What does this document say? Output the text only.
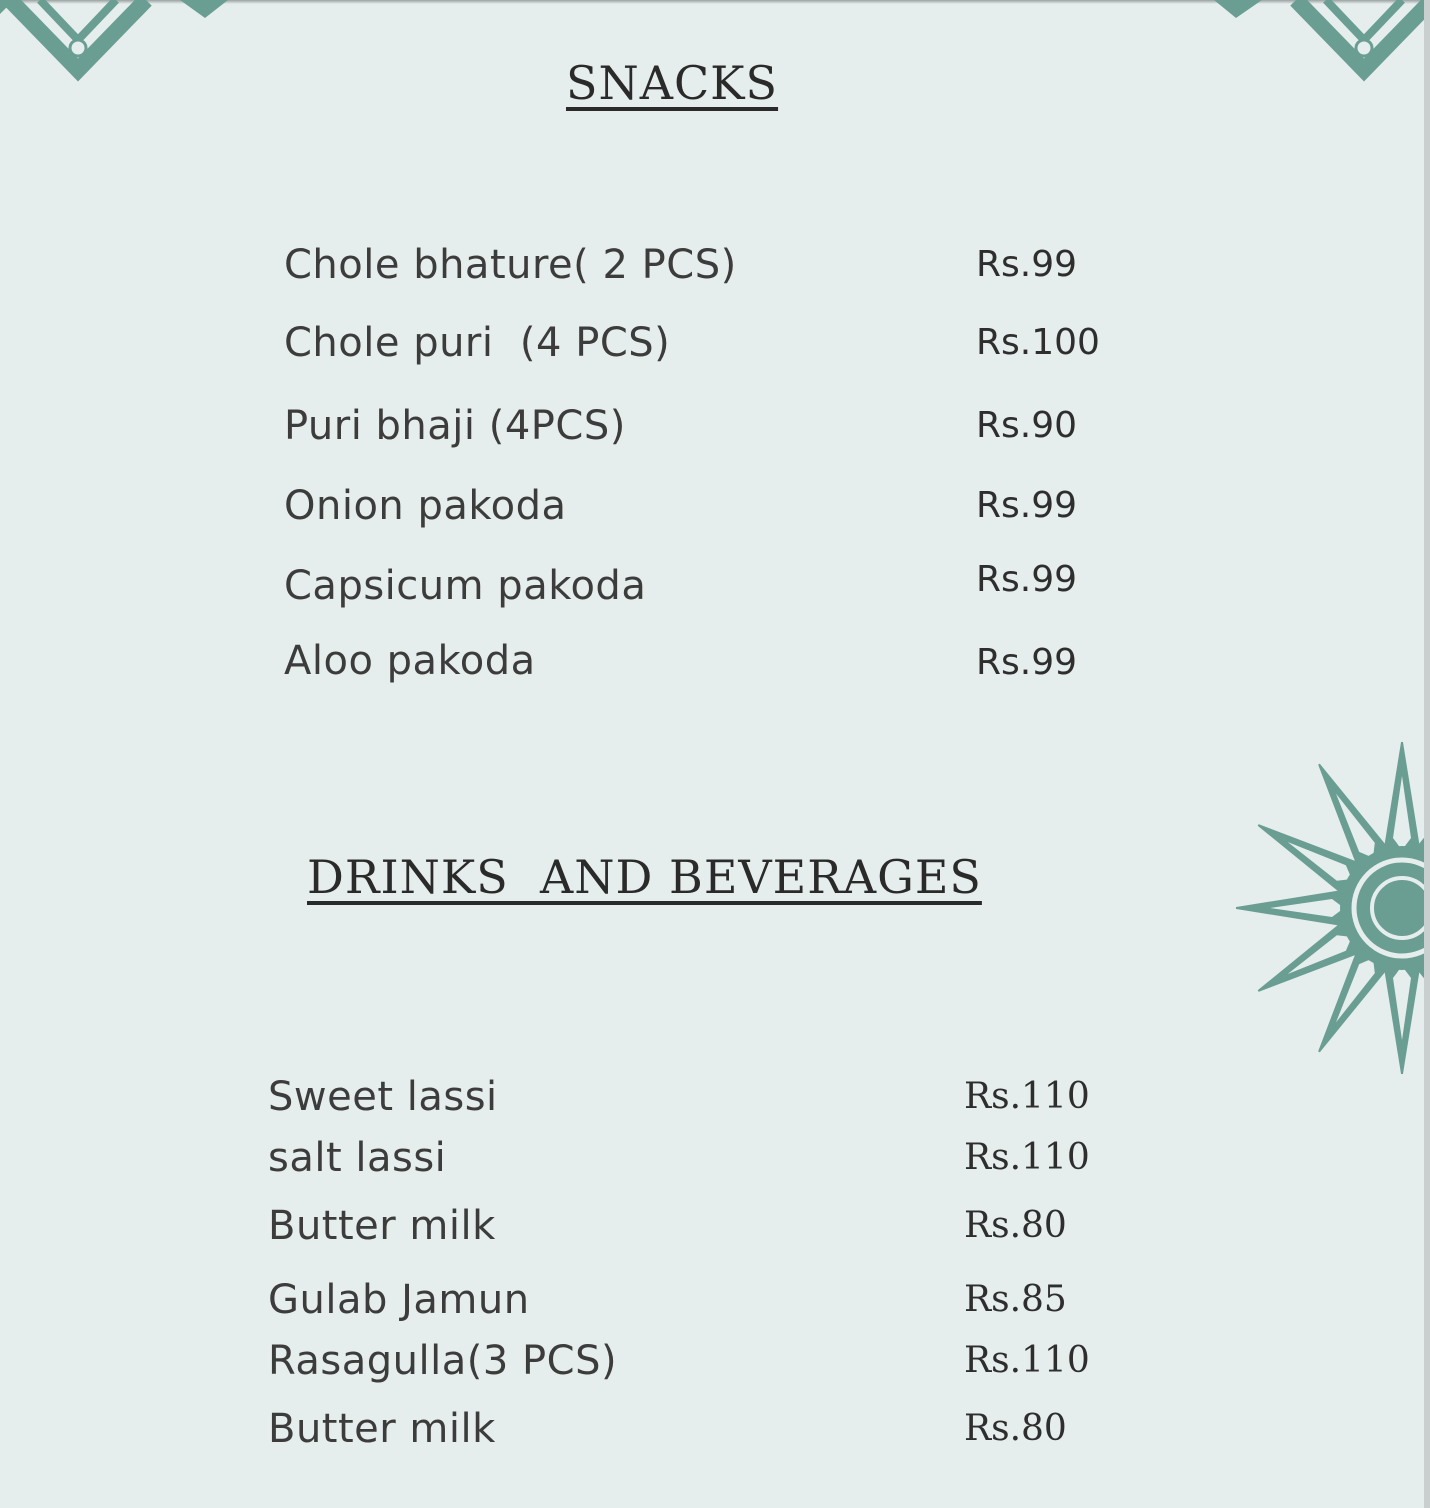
SNACKS
Chole bhature( 2 PCS)	Rs.99
Chole puri  (4 PCS)	Rs.100
Puri bhaji (4PCS)	Rs.90
Onion pakoda	Rs.99
Capsicum pakoda	Rs.99
Aloo pakoda	Rs.99
DRINKS  AND BEVERAGES
Sweet lassi	Rs.110
salt lassi	Rs.110
Butter milk	Rs.80
Gulab Jamun	Rs.85
Rasagulla(3 PCS)	Rs.110
Butter milk	Rs.80
